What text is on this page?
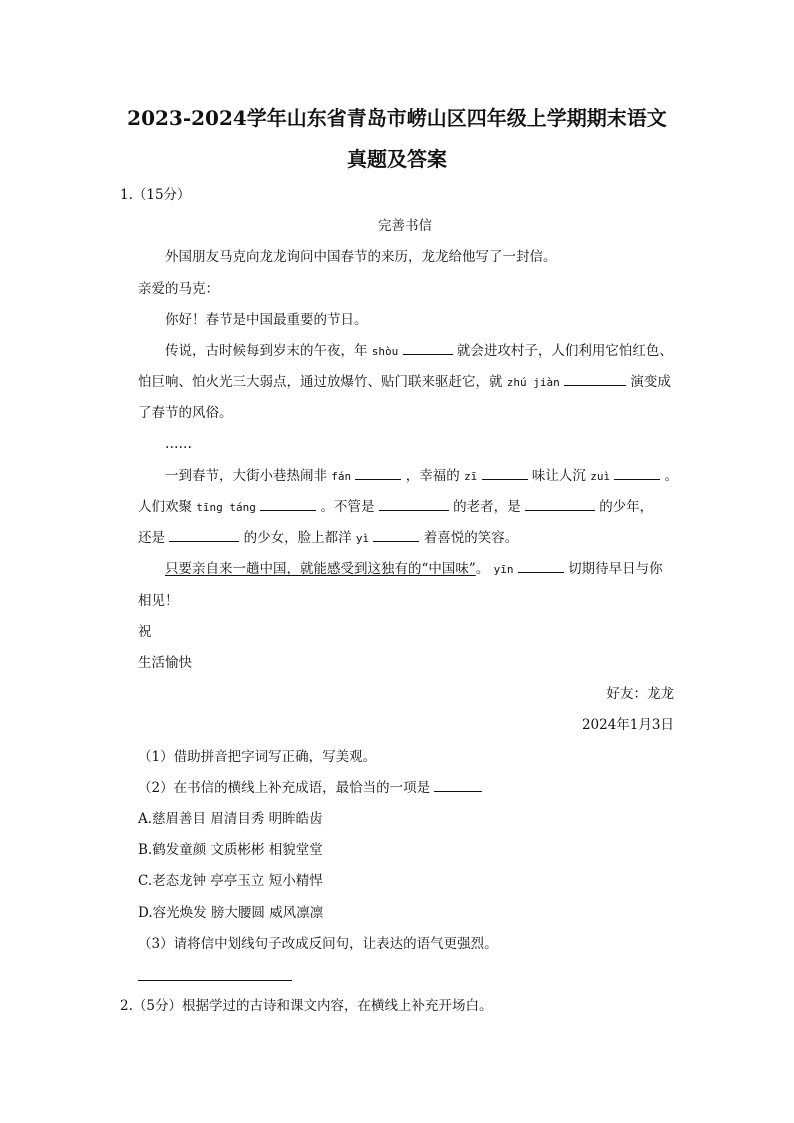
2023-2024学年山东省青岛市崂山区四年级上学期期末语文
真题及答案
1.（15分）
完善书信
外国朋友马克向龙龙询问中国春节的来历，龙龙给他写了一封信。
亲爱的马克：
你好！春节是中国最重要的节日。
传说，古时候每到岁末的午夜，年 shòu	就会进攻村子，人们利用它怕红色、
怕巨响、怕火光三大弱点，通过放爆竹、贴门联来驱赶它，就 zhú jiàn	演变成
了春节的风俗。
……
一到春节，大街小巷热闹非 fán	，幸福的 zī	味让人沉 zuì	。
人们欢聚 tīng táng	。不管是	的老者，是	的少年，
还是	的少女，脸上都洋 yì	着喜悦的笑容。
只要亲自来一趟中国，就能感受到这独有的“中国味”。 yīn	切期待早日与你
相见！
祝
生活愉快
好友：龙龙
2024年1月3日
（1）借助拼音把字词写正确，写美观。
（2）在书信的横线上补充成语，最恰当的一项是
A.慈眉善目 眉清目秀 明眸皓齿
B.鹤发童颜 文质彬彬 相貌堂堂
C.老态龙钟 亭亭玉立 短小精悍
D.容光焕发 膀大腰圆 威风凛凛
（3）请将信中划线句子改成反问句，让表达的语气更强烈。
2.（5分）根据学过的古诗和课文内容，在横线上补充开场白。
